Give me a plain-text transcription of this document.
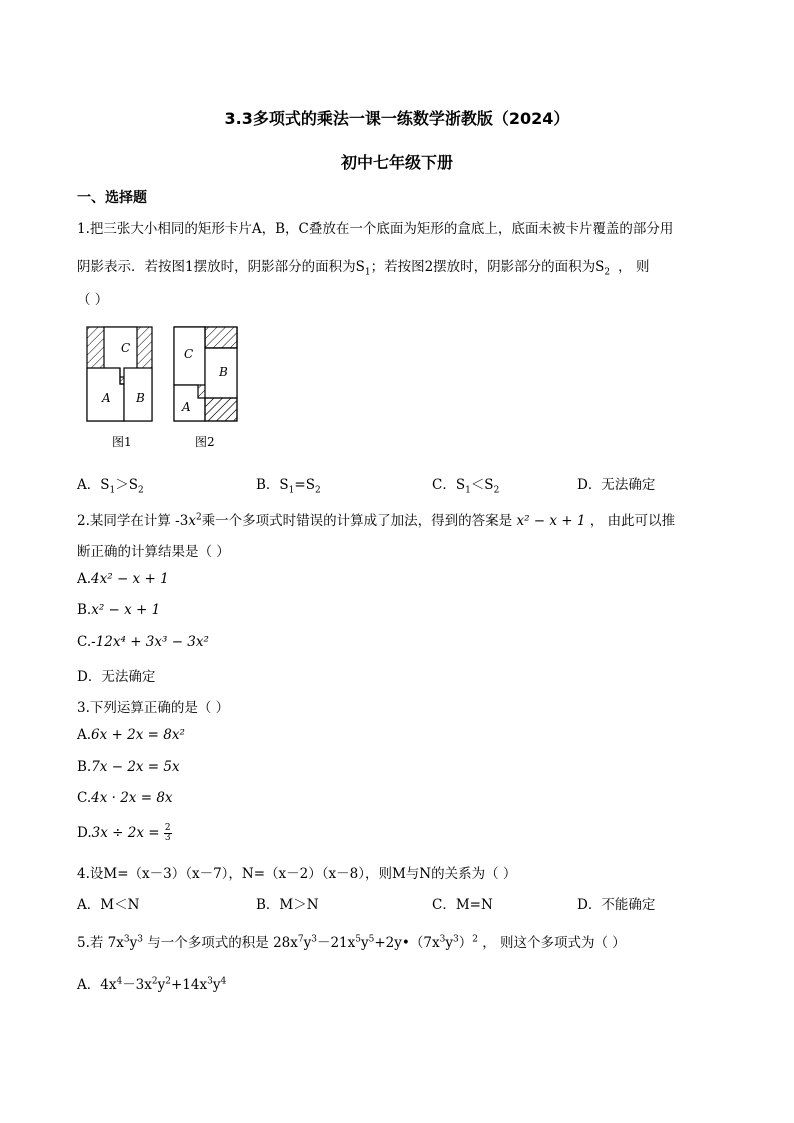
3.3多项式的乘法一课一练数学浙教版（2024）
初中七年级下册
一、选择题
1.把三张大小相同的矩形卡片A，B，C叠放在一个底面为矩形的盒底上，底面未被卡片覆盖的部分用
阴影表示．若按图1摆放时，阴影部分的面积为$S_1$；若按图2摆放时，阴影部分的面积为$S_2$ ， 则
（ ）
C
A B
C
B
A
图1	图2
A．$S_1>S_2$	B．$S_1=S_2$	C．$S_1<S_2$	D．无法确定
2.某同学在计算 $-3x^2$乘一个多项式时错误的计算成了加法，得到的答案是 x² − x + 1 ， 由此可以推
断正确的计算结果是（ ）
A.4x² − x + 1
B.x² − x + 1
C.-12x⁴ + 3x³ − 3x²
D．无法确定
3.下列运算正确的是（ ）
A.6x + 2x = 8x²
B.7x − 2x = 5x
C.4x · 2x = 8x
$D.3x \div 2x = \frac{2}{3}$
4.设M=（x－3）（x－7），N=（x－2）（x－8），则M与N的关系为（ ）
A．M＜N	B．M＞N	C．M=N	D．不能确定
5.若 $7x^3y^3$ 与一个多项式的积是 $28x^7y^3-21x^5y^5+2y•(7x^3y^3)^2$ ， 则这个多项式为（ ）
A．$4x^4-3x^2y^2+14x^3y^4$
